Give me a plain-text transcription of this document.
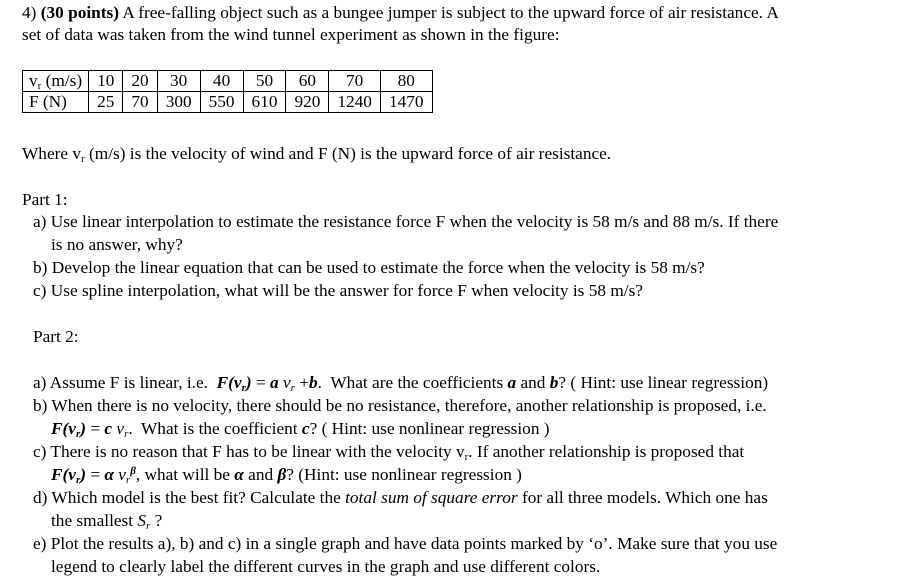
4) (30 points) A free-falling object such as a bungee jumper is subject to the upward force of air resistance. A
set of data was taken from the wind tunnel experiment as shown in the figure:
$v_r$ (m/s)	10	20	30	40	50	60	70	80
F (N)	25	70	300	550	610	920	1240	1470
Where $v_r$ (m/s) is the velocity of wind and F (N) is the upward force of air resistance.
Part 1:
a) Use linear interpolation to estimate the resistance force F when the velocity is 58 m/s and 88 m/s. If there
is no answer, why?
b) Develop the linear equation that can be used to estimate the force when the velocity is 58 m/s?
c) Use spline interpolation, what will be the answer for force F when velocity is 58 m/s?
Part 2:
a) Assume F is linear, i.e. $F(v_r) = a$ $v_r +b$.  What are the coefficients a and b? ( Hint: use linear regression)
b) When there is no velocity, there should be no resistance, therefore, another relationship is proposed, i.e.
$F(v_r) = c$ $v_r$.  What is the coefficient c? ( Hint: use nonlinear regression )
c) There is no reason that F has to be linear with the velocity $v_r$. If another relationship is proposed that
$F(v_r) = \alpha$ $v_r^\beta$, what will be α and β? (Hint: use nonlinear regression )
d) Which model is the best fit? Calculate the total sum of square error for all three models. Which one has
the smallest $S_r$ ?
e) Plot the results a), b) and c) in a single graph and have data points marked by ‘o’. Make sure that you use
legend to clearly label the different curves in the graph and use different colors.
